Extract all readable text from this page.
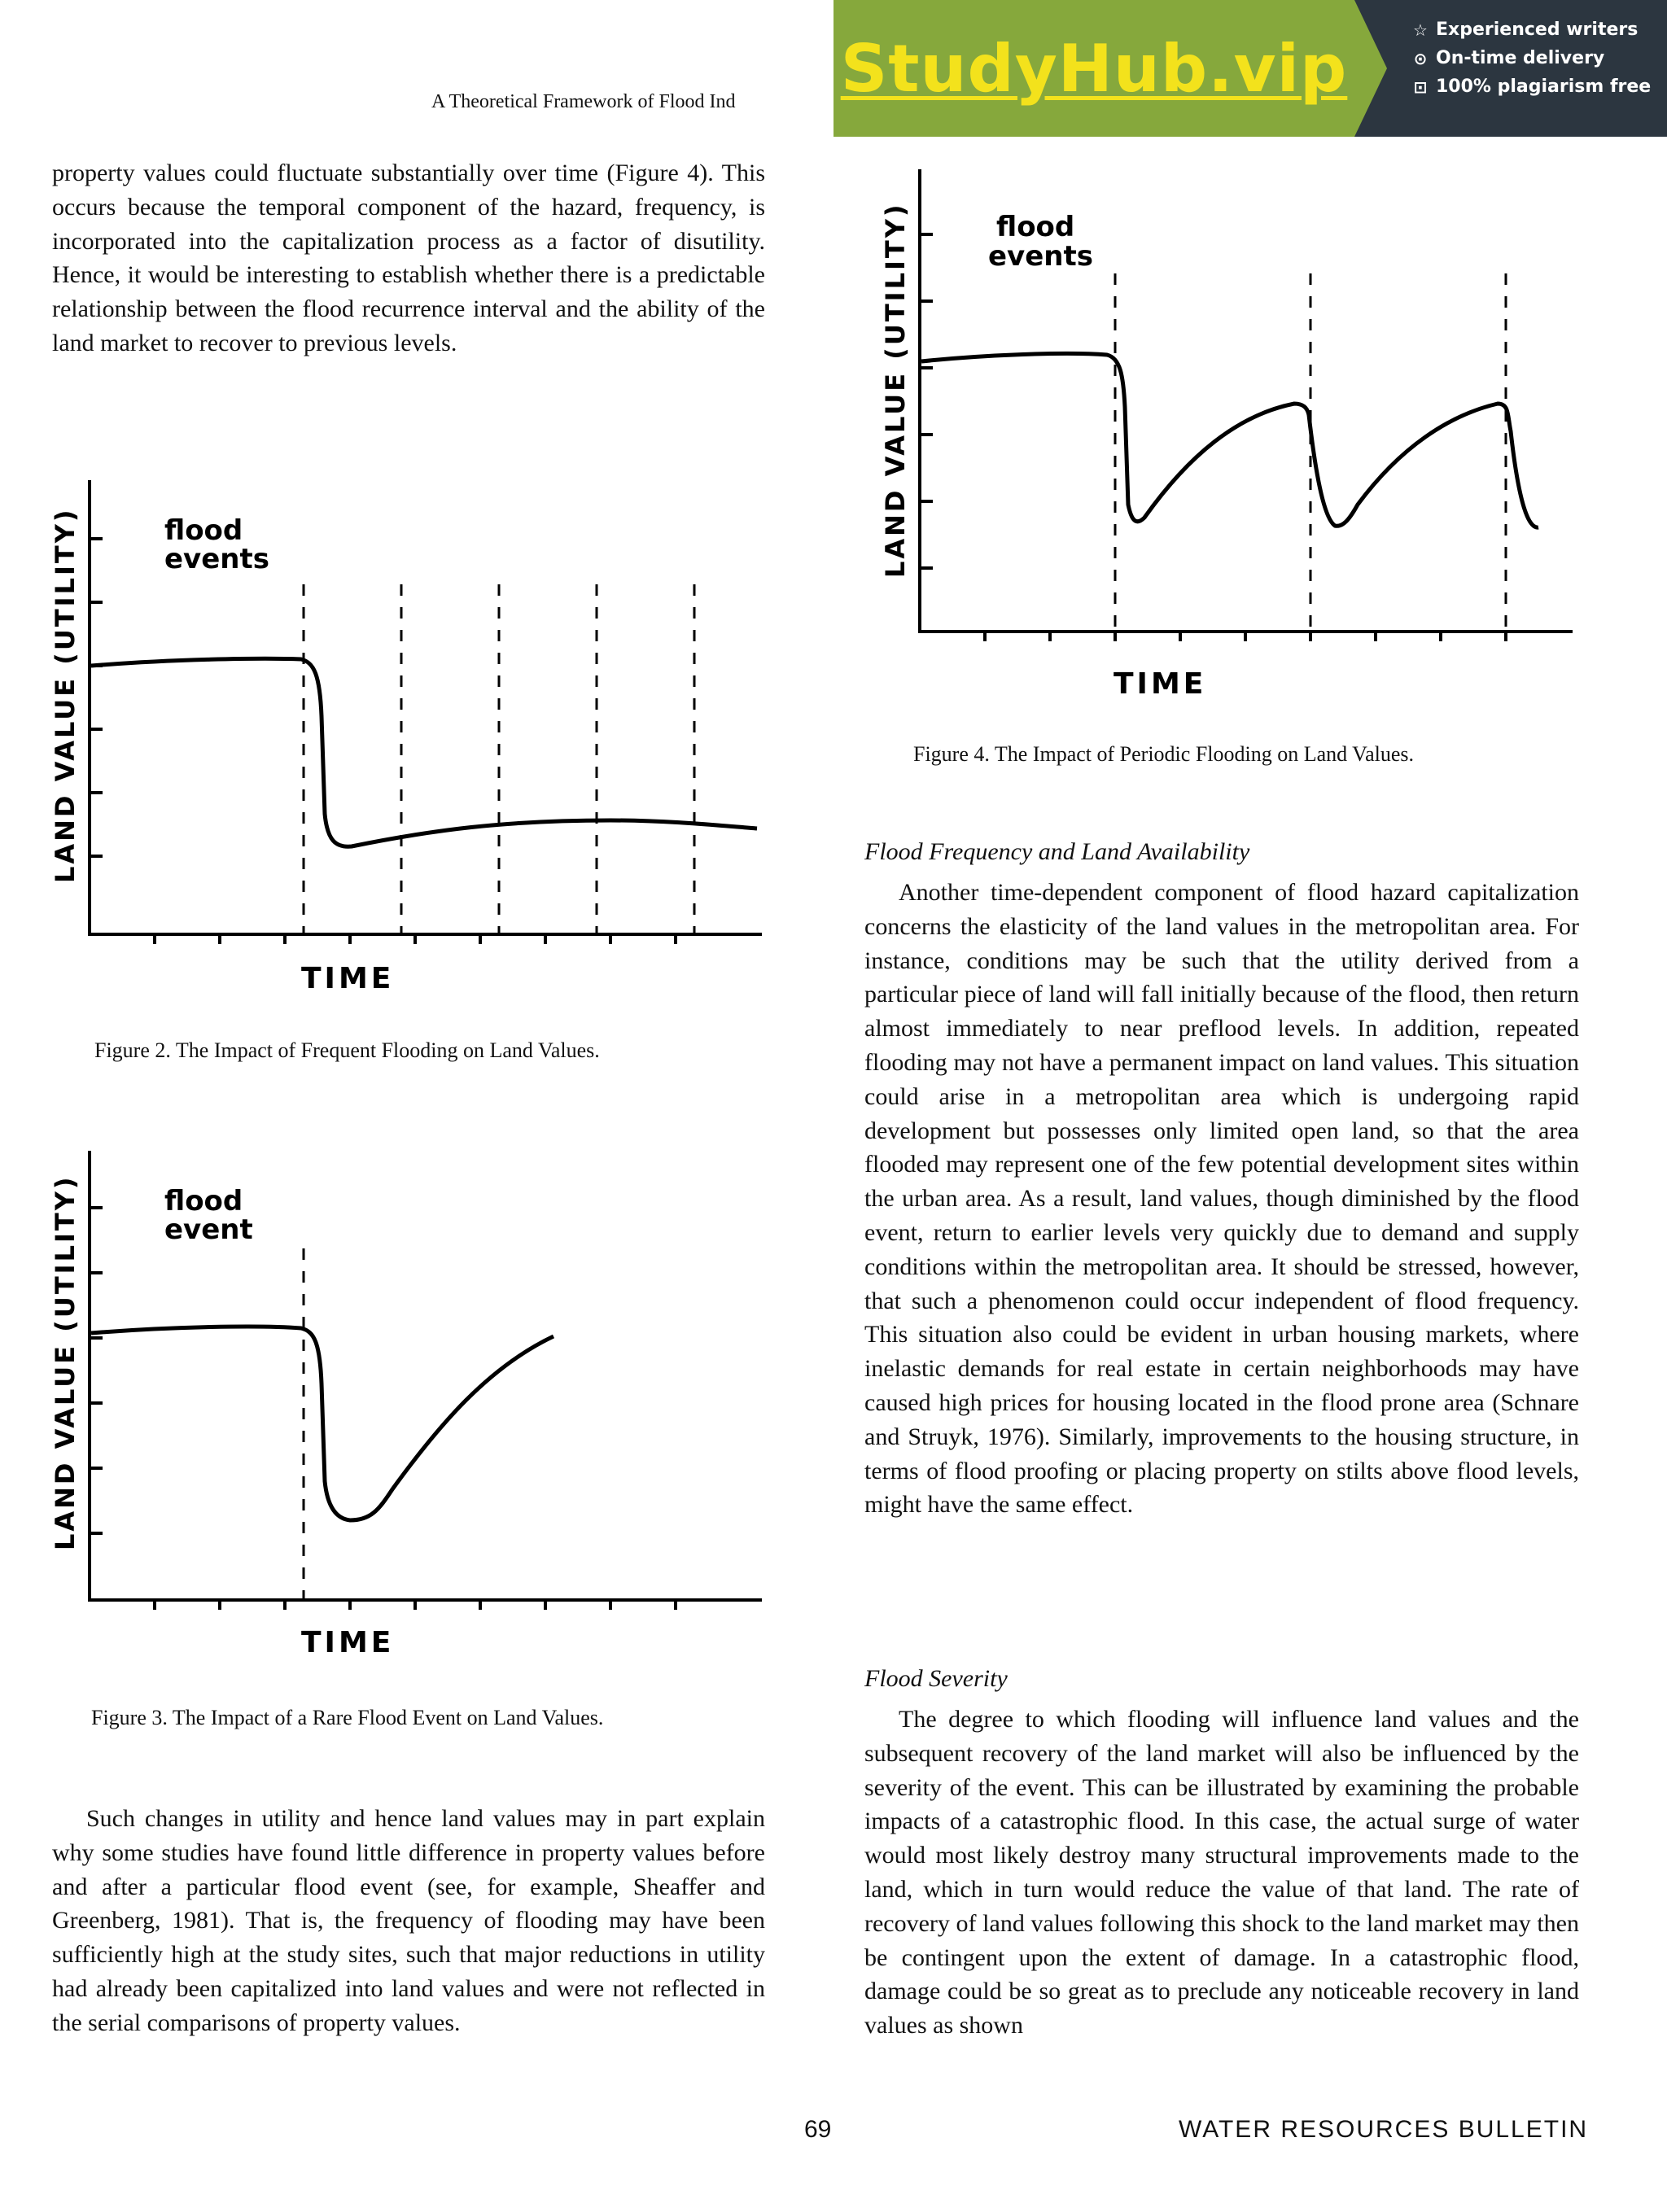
A Theoretical Framework of Flood Ind StudyHub.vip
☆ Experienced writers
⊙ On-time delivery
⊡ 100% plagiarism free

property values could fluctuate substantially over time (Figure 4). This occurs because the temporal component of the hazard, frequency, is incorporated into the capitalization process as a factor of disutility. Hence, it would be interesting to establish whether there is a predictable relationship between the flood recurrence interval and the ability of the land market to recover to previous levels.

flood
events
LAND VALUE (UTILITY)
TIME
Figure 2. The Impact of Frequent Flooding on Land Values.
flood
event
LAND VALUE (UTILITY)
TIME
Figure 3. The Impact of a Rare Flood Event on Land Values.

Such changes in utility and hence land values may in part explain why some studies have found little difference in property values before and after a particular flood event (see, for example, Sheaffer and Greenberg, 1981). That is, the frequency of flooding may have been sufficiently high at the study sites, such that major reductions in utility had already been capitalized into land values and were not reflected in the serial comparisons of property values.

flood
events
LAND VALUE (UTILITY)
TIME
Figure 4. The Impact of Periodic Flooding on Land Values.

Flood Frequency and Land Availability

Another time-dependent component of flood hazard capitalization concerns the elasticity of the land values in the metropolitan area. For instance, conditions may be such that the utility derived from a particular piece of land will fall initially because of the flood, then return almost immediately to near preflood levels. In addition, repeated flooding may not have a permanent impact on land values. This situation could arise in a metropolitan area which is undergoing rapid development but possesses only limited open land, so that the area flooded may represent one of the few potential development sites within the urban area. As a result, land values, though diminished by the flood event, return to earlier levels very quickly due to demand and supply conditions within the metropolitan area. It should be stressed, however, that such a phenomenon could occur independent of flood frequency. This situation also could be evident in urban housing markets, where inelastic demands for real estate in certain neighborhoods may have caused high prices for housing located in the flood prone area (Schnare and Struyk, 1976). Similarly, improvements to the housing structure, in terms of flood proofing or placing property on stilts above flood levels, might have the same effect.

Flood Severity

The degree to which flooding will influence land values and the subsequent recovery of the land market will also be influenced by the severity of the event. This can be illustrated by examining the probable impacts of a catastrophic flood. In this case, the actual surge of water would most likely destroy many structural improvements made to the land, which in turn would reduce the value of that land. The rate of recovery of land values following this shock to the land market may then be contingent upon the extent of damage. In a catastrophic flood, damage could be so great as to preclude any noticeable recovery in land values as shown

69	WATER RESOURCES BULLETIN
